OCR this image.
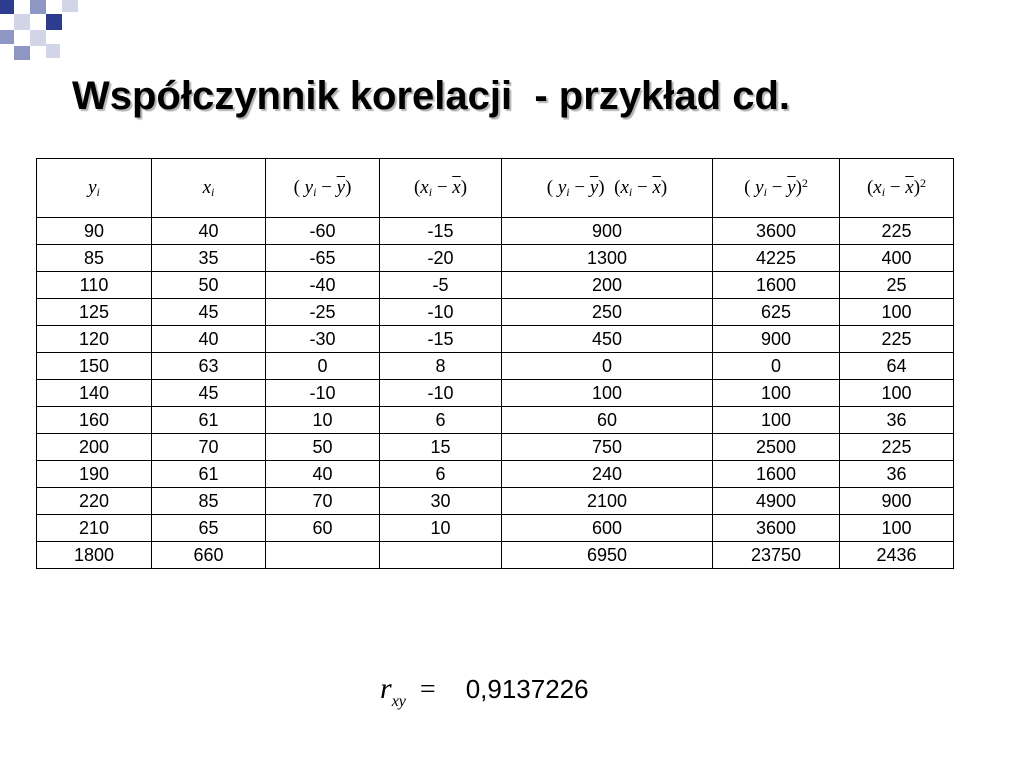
Współczynnik korelacji  - przykład cd.
$y_i$	$x_i$	( $y_i - \overline{y}$)	$(x_i - \overline{x})$	( $y_i - \overline{y}$)  $(x_i - \overline{x})$	( $y_i - \overline{y})^2$	$(x_i - \overline{x})^2$
90	40	-60	-15	900	3600	225
85	35	-65	-20	1300	4225	400
110	50	-40	-5	200	1600	25
125	45	-25	-10	250	625	100
120	40	-30	-15	450	900	225
150	63	0	8	0	0	64
140	45	-10	-10	100	100	100
160	61	10	6	60	100	36
200	70	50	15	750	2500	225
190	61	40	6	240	1600	36
220	85	70	30	2100	4900	900
210	65	60	10	600	3600	100
1800	660			6950	23750	2436
r xy = 0,9137226
